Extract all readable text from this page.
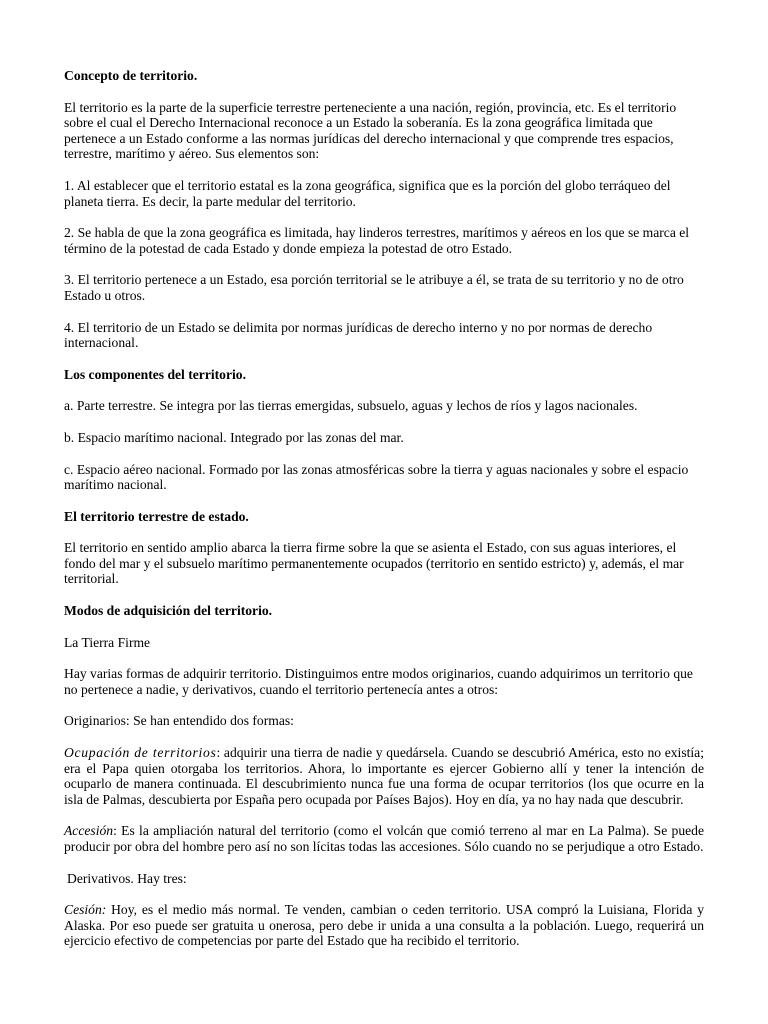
Concepto de territorio.

El territorio es la parte de la superficie terrestre perteneciente a una nación, región, provincia, etc. Es el territorio sobre el cual el Derecho Internacional reconoce a un Estado la soberanía. Es la zona geográfica limitada que pertenece a un Estado conforme a las normas jurídicas del derecho internacional y que comprende tres espacios, terrestre, marítimo y aéreo. Sus elementos son:

1. Al establecer que el territorio estatal es la zona geográfica, significa que es la porción del globo terráqueo del planeta tierra. Es decir, la parte medular del territorio.

2. Se habla de que la zona geográfica es limitada, hay linderos terrestres, marítimos y aéreos en los que se marca el término de la potestad de cada Estado y donde empieza la potestad de otro Estado.

3. El territorio pertenece a un Estado, esa porción territorial se le atribuye a él, se trata de su territorio y no de otro Estado u otros.

4. El territorio de un Estado se delimita por normas jurídicas de derecho interno y no por normas de derecho internacional.

Los componentes del territorio.

a. Parte terrestre. Se integra por las tierras emergidas, subsuelo, aguas y lechos de ríos y lagos nacionales.

b. Espacio marítimo nacional. Integrado por las zonas del mar.

c. Espacio aéreo nacional. Formado por las zonas atmosféricas sobre la tierra y aguas nacionales y sobre el espacio marítimo nacional.

El territorio terrestre de estado.

El territorio en sentido amplio abarca la tierra firme sobre la que se asienta el Estado, con sus aguas interiores, el fondo del mar y el subsuelo marítimo permanentemente ocupados (territorio en sentido estricto) y, además, el mar territorial.

Modos de adquisición del territorio.

La Tierra Firme

Hay varias formas de adquirir territorio. Distinguimos entre modos originarios, cuando adquirimos un territorio que no pertenece a nadie, y derivativos, cuando el territorio pertenecía antes a otros:

Originarios: Se han entendido dos formas:

Ocupación de territorios: adquirir una tierra de nadie y quedársela. Cuando se descubrió América, esto no existía; era el Papa quien otorgaba los territorios. Ahora, lo importante es ejercer Gobierno allí y tener la intención de ocuparlo de manera continuada. El descubrimiento nunca fue una forma de ocupar territorios (los que ocurre en la isla de Palmas, descubierta por España pero ocupada por Países Bajos). Hoy en día, ya no hay nada que descubrir.

Accesión: Es la ampliación natural del territorio (como el volcán que comió terreno al mar en La Palma). Se puede producir por obra del hombre pero así no son lícitas todas las accesiones. Sólo cuando no se perjudique a otro Estado.

Derivativos. Hay tres:

Cesión: Hoy, es el medio más normal. Te venden, cambian o ceden territorio. USA compró la Luisiana, Florida y Alaska. Por eso puede ser gratuita u onerosa, pero debe ir unida a una consulta a la población. Luego, requerirá un ejercicio efectivo de competencias por parte del Estado que ha recibido el territorio.
